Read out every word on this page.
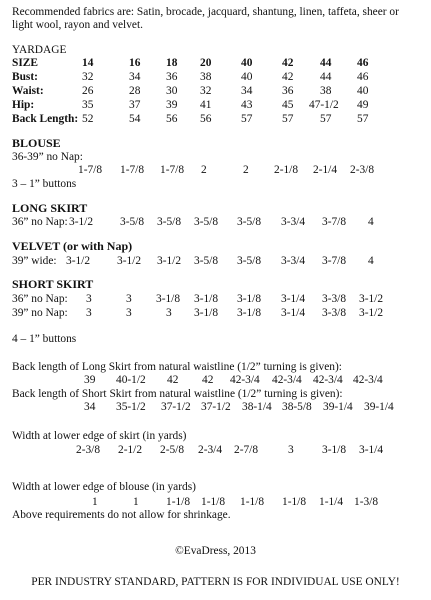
Recommended fabrics are: Satin, brocade, jacquard, shantung, linen, taffeta, sheer or light wool, rayon and velvet.
YARDAGE
SIZE	14	16 18 20	40	42 44 46
Bust:	32	34 36 38	40	42 44 46
Waist:	26	28 30 32	34	36 38 40
Hip:	35	37 39 41	43	45 47-1/2 49
Back Length: 52	54 56 56	57	57 57 57
BLOUSE
36-39” no Nap:
1-7/8 1-7/8 1-7/8 2	2 2-1/8 2-1/4 2-3/8
3 – 1” buttons
LONG SKIRT
36” no Nap: 3-1/2 3-5/8 3-5/8 3-5/8 3-5/8 3-3/4 3-7/8 4
VELVET (or with Nap)
39” wide: 3-1/2 3-1/2 3-1/2 3-5/8 3-5/8 3-3/4 3-7/8 4
SHORT SKIRT
36” no Nap: 3	3 3-1/8 3-1/8 3-1/8 3-1/4 3-3/8 3-1/2
39” no Nap: 3	3	3 3-1/8 3-1/8 3-1/4 3-3/8 3-1/2
4 – 1” buttons
Back length of Long Skirt from natural waistline (1/2” turning is given):
39 40-1/2 42 42 42-3/4 42-3/4 42-3/4 42-3/4
Back length of Short Skirt from natural waistline (1/2” turning is given):
34 35-1/2 37-1/2 37-1/2 38-1/4 38-5/8 39-1/4 39-1/4
Width at lower edge of skirt (in yards)
2-3/8 2-1/2 2-5/8 2-3/4 2-7/8	3 3-1/8 3-1/4
Width at lower edge of blouse (in yards)
1	1 1-1/8 1-1/8 1-1/8 1-1/8 1-1/4 1-3/8
Above requirements do not allow for shrinkage.
©EvaDress, 2013
PER INDUSTRY STANDARD, PATTERN IS FOR INDIVIDUAL USE ONLY!
